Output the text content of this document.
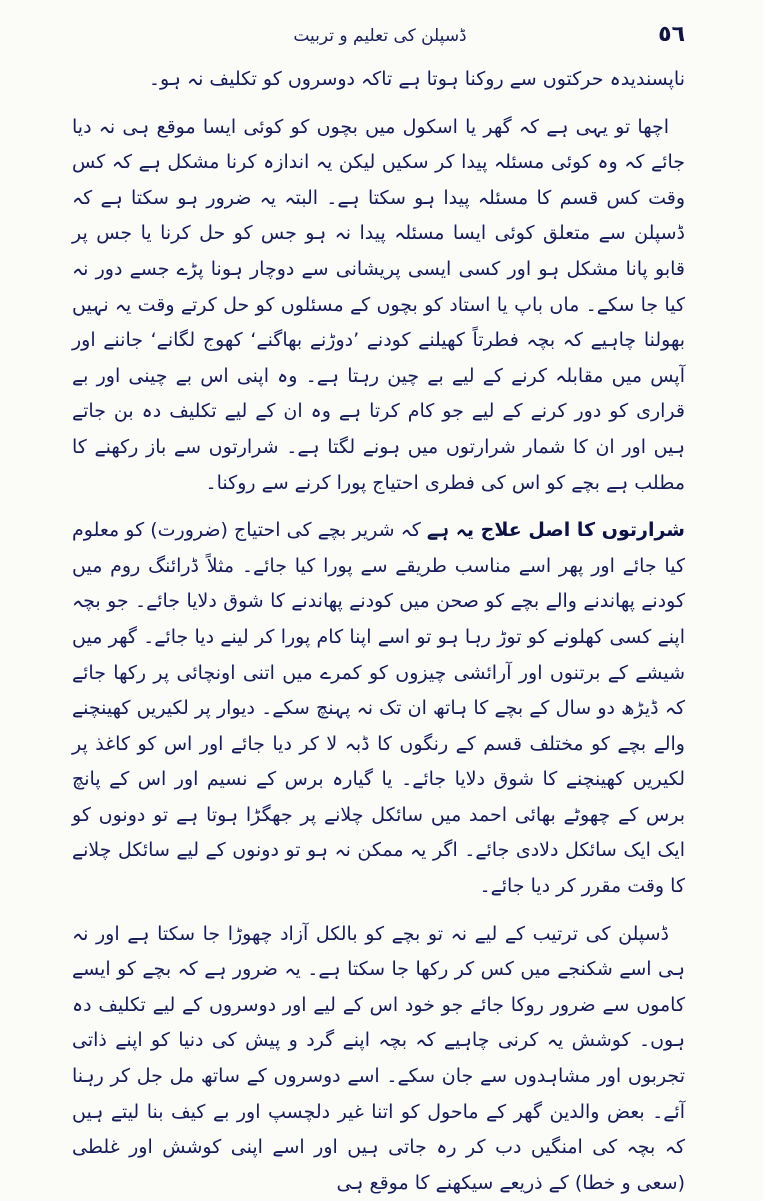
ڈسپلن کی تعلیم و تربیت	٥٦

ناپسندیدہ حرکتوں سے روکنا ہوتا ہے تاکہ دوسروں کو تکلیف نہ ہو۔

اچھا تو یہی ہے کہ گھر یا اسکول میں بچوں کو کوئی ایسا موقع ہی نہ دیا جائے کہ وہ کوئی مسئلہ پیدا کر سکیں لیکن یہ اندازہ کرنا مشکل ہے کہ کس وقت کس قسم کا مسئلہ پیدا ہو سکتا ہے۔ البتہ یہ ضرور ہو سکتا ہے کہ ڈسپلن سے متعلق کوئی ایسا مسئلہ پیدا نہ ہو جس کو حل کرنا یا جس پر قابو پانا مشکل ہو اور کسی ایسی پریشانی سے دوچار ہونا پڑے جسے دور نہ کیا جا سکے۔ ماں باپ یا استاد کو بچوں کے مسئلوں کو حل کرتے وقت یہ نہیں بھولنا چاہیے کہ بچہ فطرتاً کھیلنے کودنے ’دوڑنے بھاگنے‘ کھوج لگانے‘ جاننے اور آپس میں مقابلہ کرنے کے لیے بے چین رہتا ہے۔ وہ اپنی اس بے چینی اور بے قراری کو دور کرنے کے لیے جو کام کرتا ہے وہ ان کے لیے تکلیف دہ بن جاتے ہیں اور ان کا شمار شرارتوں میں ہونے لگتا ہے۔ شرارتوں سے باز رکھنے کا مطلب ہے بچے کو اس کی فطری احتیاج پورا کرنے سے روکنا۔

شرارتوں کا اصل علاج یہ ہے کہ شریر بچے کی احتیاج (ضرورت) کو معلوم کیا جائے اور پھر اسے مناسب طریقے سے پورا کیا جائے۔ مثلاً ڈرائنگ روم میں کودنے پھاندنے والے بچے کو صحن میں کودنے پھاندنے کا شوق دلایا جائے۔ جو بچہ اپنے کسی کھلونے کو توڑ رہا ہو تو اسے اپنا کام پورا کر لینے دیا جائے۔ گھر میں شیشے کے برتنوں اور آرائشی چیزوں کو کمرے میں اتنی اونچائی پر رکھا جائے کہ ڈیڑھ دو سال کے بچے کا ہاتھ ان تک نہ پہنچ سکے۔ دیوار پر لکیریں کھینچنے والے بچے کو مختلف قسم کے رنگوں کا ڈبہ لا کر دیا جائے اور اس کو کاغذ پر لکیریں کھینچنے کا شوق دلایا جائے۔ یا گیارہ برس کے نسیم اور اس کے پانچ برس کے چھوٹے بھائی احمد میں سائکل چلانے پر جھگڑا ہوتا ہے تو دونوں کو ایک ایک سائکل دلادی جائے۔ اگر یہ ممکن نہ ہو تو دونوں کے لیے سائکل چلانے کا وقت مقرر کر دیا جائے۔

ڈسپلن کی ترتیب کے لیے نہ تو بچے کو بالکل آزاد چھوڑا جا سکتا ہے اور نہ ہی اسے شکنجے میں کس کر رکھا جا سکتا ہے۔ یہ ضرور ہے کہ بچے کو ایسے کاموں سے ضرور روکا جائے جو خود اس کے لیے اور دوسروں کے لیے تکلیف دہ ہوں۔ کوشش یہ کرنی چاہیے کہ بچہ اپنے گرد و پیش کی دنیا کو اپنے ذاتی تجربوں اور مشاہدوں سے جان سکے۔ اسے دوسروں کے ساتھ مل جل کر رہنا آئے۔ بعض والدین گھر کے ماحول کو اتنا غیر دلچسپ اور بے کیف بنا لیتے ہیں کہ بچہ کی امنگیں دب کر رہ جاتی ہیں اور اسے اپنی کوشش اور غلطی (سعی و خطا) کے ذریعے سیکھنے کا موقع ہی
